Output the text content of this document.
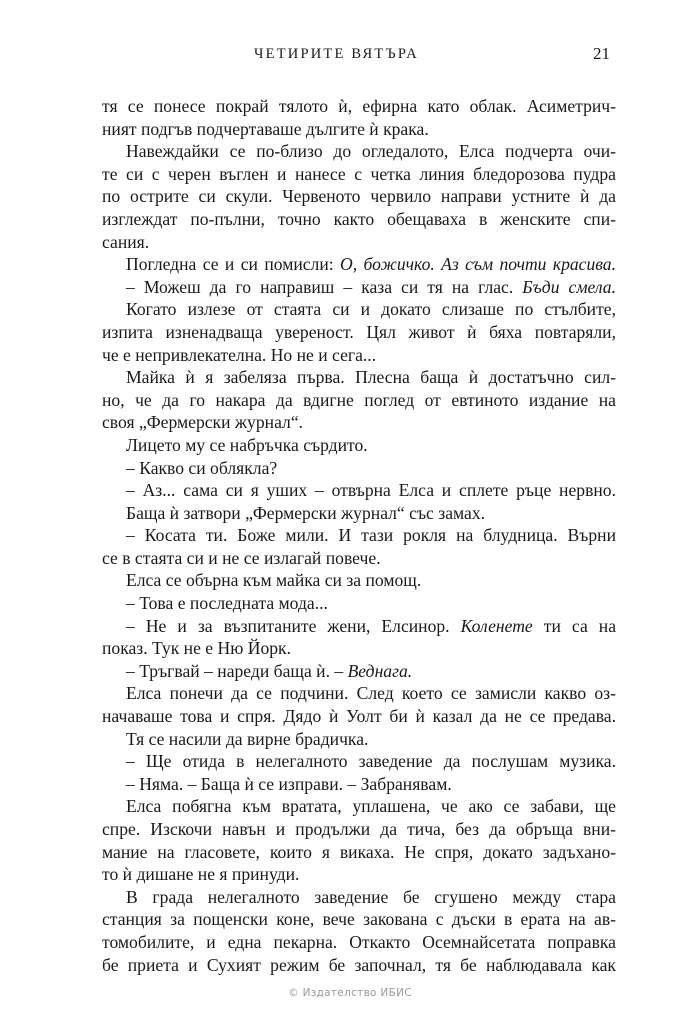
ЧЕТИРИТЕ ВЯТЪРА	21
тя се понесе покрай тялото ѝ, ефирна като облак. Асиметрич-
ният подгъв подчертаваше дългите ѝ крака.
Навеждайки се по-близо до огледалото, Елса подчерта очи-
те си с черен въглен и нанесе с четка линия бледорозова пудра
по острите си скули. Червеното червило направи устните ѝ да
изглеждат по-пълни, точно както обещаваха в женските спи-
сания.
Погледна се и си помисли: О, божичко. Аз съм почти красива.
– Можеш да го направиш – каза си тя на глас. Бъди смела.
Когато излезе от стаята си и докато слизаше по стълбите,
изпита изненадваща увереност. Цял живот ѝ бяха повтаряли,
че е непривлекателна. Но не и сега...
Майка ѝ я забеляза първа. Плесна баща ѝ достатъчно сил-
но, че да го накара да вдигне поглед от евтиното издание на
своя „Фермерски журнал“.
Лицето му се набръчка сърдито.
– Какво си облякла?
– Аз... сама си я уших – отвърна Елса и сплете ръце нервно.
Баща ѝ затвори „Фермерски журнал“ със замах.
– Косата ти. Боже мили. И тази рокля на блудница. Върни
се в стаята си и не се излагай повече.
Елса се обърна към майка си за помощ.
– Това е последната мода...
– Не и за възпитаните жени, Елсинор. Коленете ти са на
показ. Тук не е Ню Йорк.
– Тръгвай – нареди баща ѝ. – Веднага.
Елса понечи да се подчини. След което се замисли какво оз-
начаваше това и спря. Дядо ѝ Уолт би ѝ казал да не се предава.
Тя се насили да вирне брадичка.
– Ще отида в нелегалното заведение да послушам музика.
– Няма. – Баща ѝ се изправи. – Забранявам.
Елса побягна към вратата, уплашена, че ако се забави, ще
спре. Изскочи навън и продължи да тича, без да обръща вни-
мание на гласовете, които я викаха. Не спря, докато задъхано-
то ѝ дишане не я принуди.
В града нелегалното заведение бе сгушено между стара
станция за пощенски коне, вече закована с дъски в ерата на ав-
томобилите, и една пекарна. Откакто Осемнайсетата поправка
бе приета и Сухият режим бе започнал, тя бе наблюдавала как
© Издателство ИБИС
